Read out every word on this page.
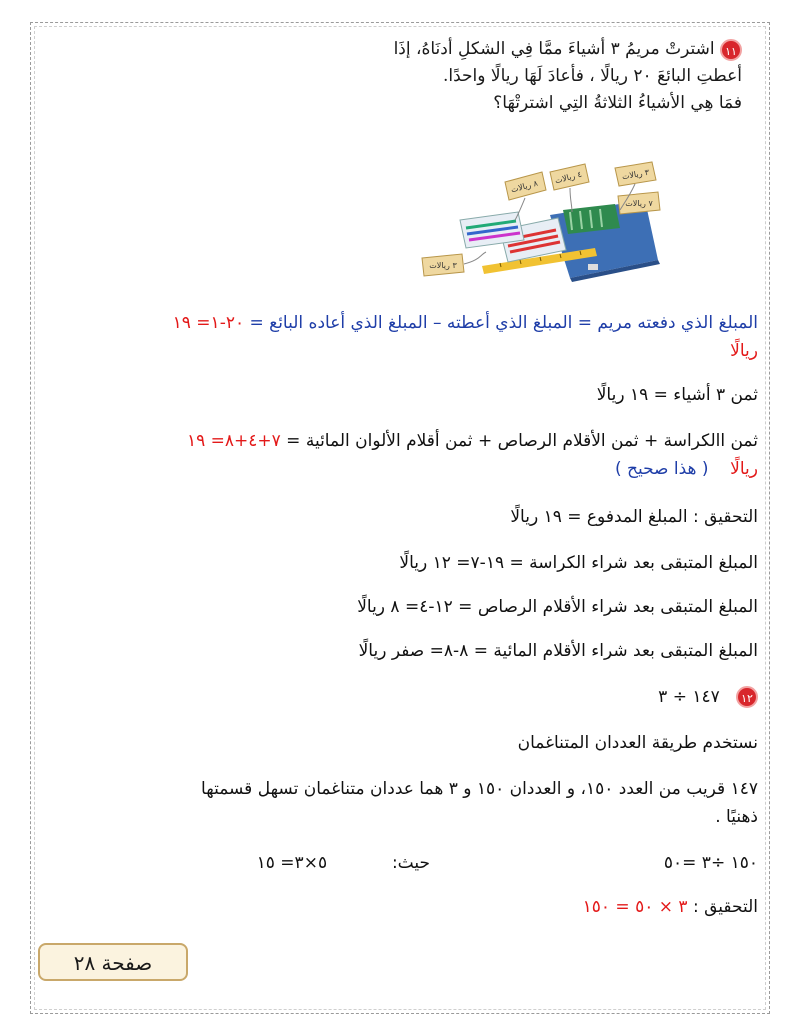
١١ اشترتْ مريمُ ٣ أشياءَ ممَّا فِي الشكلِ أدنَاهُ، إذَا
أعطتِ البائعَ ٢٠ ريالًا ، فأعادَ لَهَا ريالًا واحدًا.
فمَا هِي الأشياءُ الثلاثةُ التِي اشترتْهَا؟
٨ ريالات ٤ ريالات	٣ ريالات
٧ ريالات
٣ ريالات
المبلغ الذي دفعته مريم = المبلغ الذي أعطته – المبلغ الذي أعاده البائع = ٢٠-١= ١٩
ريالًا
ثمن ٣ أشياء = ١٩ ريالًا
ثمن االكراسة + ثمن الأقلام الرصاص + ثمن أقلام الألوان المائية = ٧+٤+٨= ١٩
ريالًا    ( هذا صحيح )
التحقيق : المبلغ المدفوع = ١٩ ريالًا
المبلغ المتبقى بعد شراء الكراسة = ١٩-٧= ١٢ ريالًا
المبلغ المتبقى بعد شراء الأقلام الرصاص = ١٢-٤= ٨ ريالًا
المبلغ المتبقى بعد شراء الأقلام المائية = ٨-٨= صفر ريالًا
١٢   ١٤٧ ÷ ٣
نستخدم طريقة العددان المتناغمان
١٤٧ قريب من العدد ١٥٠، و العددان ١٥٠ و ٣ هما عددان متناغمان تسهل قسمتها
ذهنيًا .
١٥٠ ÷٣ =٥٠
حيث:            ٥×٣= ١٥
التحقيق : ٣ × ٥٠ = ١٥٠
صفحة ٢٨
